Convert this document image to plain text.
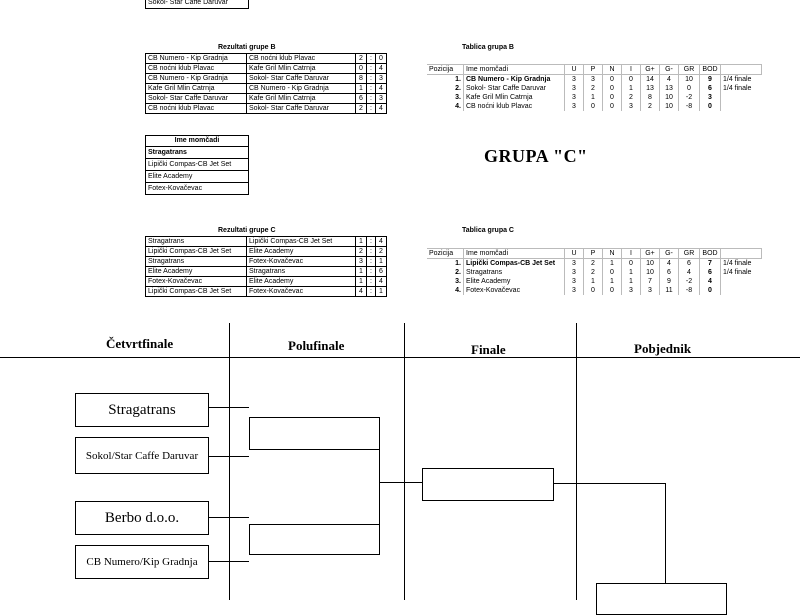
Sokol- Star Caffe Daruvar
Rezultati grupe B
CB Numero - Kip Gradnja	CB noćni klub Plavac	2	:	0
CB noćni klub Plavac	Kafe Gril Mlin Catrnja	0	:	4
CB Numero - Kip Gradnja	Sokol- Star Caffe Daruvar	8	:	3
Kafe Gril Mlin Catrnja	CB Numero - Kip Gradnja	1	:	4
Sokol- Star Caffe Daruvar	Kafe Gril Mlin Catrnja	6	:	3
CB noćni klub Plavac	Sokol- Star Caffe Daruvar	2	:	4
Tablica grupa B
Pozicija	Ime momčadi	U	P	N	I	G+	G-	GR	BOD	
1.	CB Numero - Kip Gradnja	3	3	0	0	14	4	10	9	1/4 finale
2.	Sokol- Star Caffe Daruvar	3	2	0	1	13	13	0	6	1/4 finale
3.	Kafe Gril Mlin Catrnja	3	1	0	2	8	10	-2	3	
4.	CB noćni klub Plavac	3	0	0	3	2	10	-8	0	
Ime momčadi
Stragatrans
Lipički Compas-CB Jet Set
Elite Academy
Fotex-Kovačevac
GRUPA "C"
Rezultati grupe C
Stragatrans	Lipički Compas-CB Jet Set	1	:	4
Lipički Compas-CB Jet Set	Elite Academy	2	:	2
Stragatrans	Fotex-Kovačevac	3	:	1
Elite Academy	Stragatrans	1	:	6
Fotex-Kovačevac	Elite Academy	1	:	4
Lipički Compas-CB Jet Set	Fotex-Kovačevac	4	:	1
Tablica grupa C
Pozicija	Ime momčadi	U	P	N	I	G+	G-	GR	BOD	
1.	Lipički Compas-CB Jet Set	3	2	1	0	10	4	6	7	1/4 finale
2.	Stragatrans	3	2	0	1	10	6	4	6	1/4 finale
3.	Elite Academy	3	1	1	1	7	9	-2	4	
4.	Fotex-Kovačevac	3	0	0	3	3	11	-8	0	
Četvrtfinale	Polufinale	Finale	Pobjednik
Stragatrans
Sokol/Star Caffe Daruvar
Berbo d.o.o.
CB Numero/Kip Gradnja
